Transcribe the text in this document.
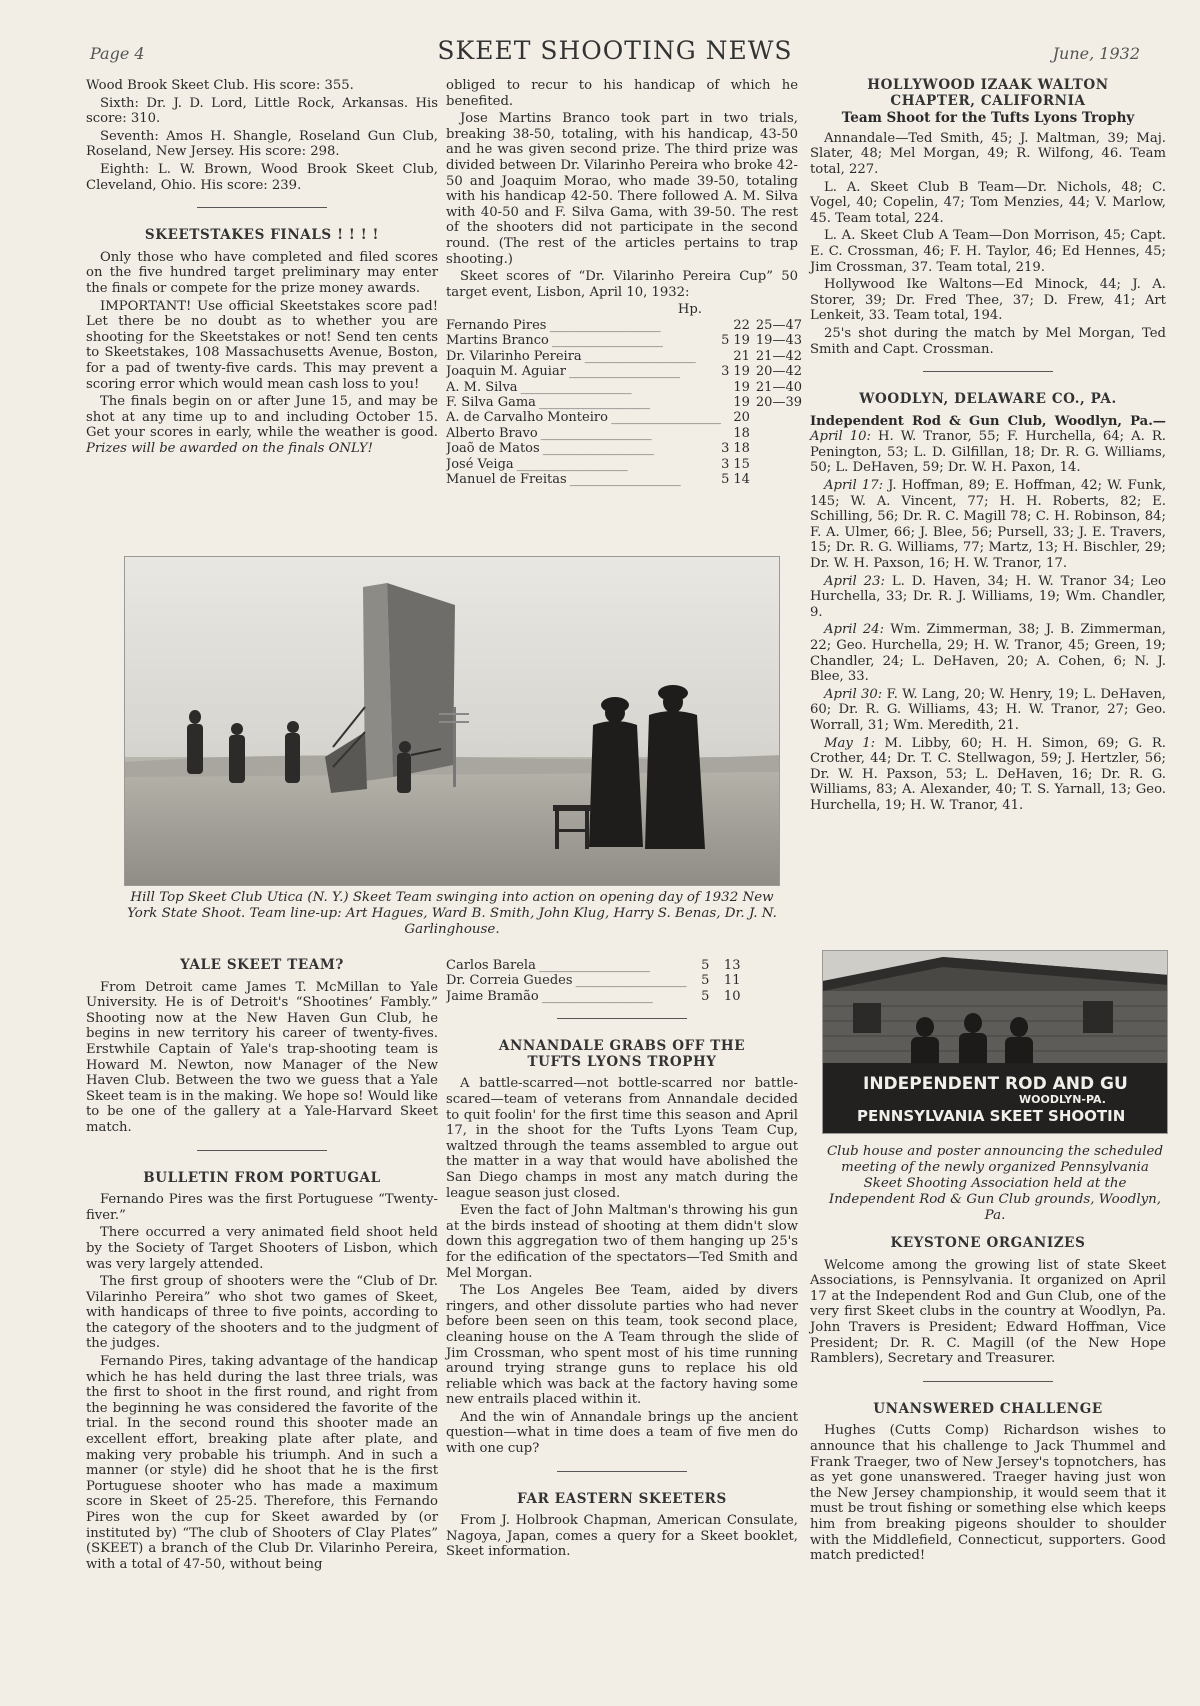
Page 4	SKEET SHOOTING NEWS	June, 1932

Wood Brook Skeet Club. His score: 355.

Sixth: Dr. J. D. Lord, Little Rock, Arkansas. His score: 310.

Seventh: Amos H. Shangle, Roseland Gun Club, Roseland, New Jersey. His score: 298.

Eighth: L. W. Brown, Wood Brook Skeet Club, Cleveland, Ohio. His score: 239.

SKEETSTAKES FINALS ! ! ! !

Only those who have completed and filed scores on the five hundred target preliminary may enter the finals or compete for the prize money awards.

IMPORTANT! Use official Skeetstakes score pad! Let there be no doubt as to whether you are shooting for the Skeetstakes or not! Send ten cents to Skeetstakes, 108 Massachusetts Avenue, Boston, for a pad of twenty-five cards. This may prevent a scoring error which would mean cash loss to you!

The finals begin on or after June 15, and may be shot at any time up to and including October 15. Get your scores in early, while the weather is good. Prizes will be awarded on the finals ONLY!

obliged to recur to his handicap of which he benefited.

Jose Martins Branco took part in two trials, breaking 38-50, totaling, with his handicap, 43-50 and he was given second prize. The third prize was divided between Dr. Vilarinho Pereira who broke 42-50 and Joaquim Morao, who made 39-50, totaling with his handicap 42-50. There followed A. M. Silva with 40-50 and F. Silva Gama, with 39-50. The rest of the shooters did not participate in the second round. (The rest of the articles pertains to trap shooting.)

Skeet scores of “Dr. Vilarinho Pereira Cup” 50 target event, Lisbon, April 10, 1932:

Hp.
Fernando Pires ____________________		22	25—47
Martins Branco ____________________	5	19	19—43
Dr. Vilarinho Pereira ____________________		21	21—42
Joaquin M. Aguiar ____________________	3	19	20—42
A. M. Silva ____________________		19	21—40
F. Silva Gama ____________________		19	20—39
A. de Carvalho Monteiro ____________________		20	
Alberto Bravo ____________________		18	
Joaõ de Matos ____________________	3	18	
José Veiga ____________________	3	15	
Manuel de Freitas ____________________	5	14	
Hill Top Skeet Club Utica (N. Y.) Skeet Team swinging into action on opening day of 1932 New York State Shoot. Team line-up: Art Hagues, Ward B. Smith, John Klug, Harry S. Benas, Dr. J. N. Garlinghouse.
YALE SKEET TEAM?

From Detroit came James T. McMillan to Yale University. He is of Detroit's “Shootines’ Fambly.” Shooting now at the New Haven Gun Club, he begins in new territory his career of twenty-fives. Erstwhile Captain of Yale's trap-shooting team is Howard M. Newton, now Manager of the New Haven Club. Between the two we guess that a Yale Skeet team is in the making. We hope so! Would like to be one of the gallery at a Yale-Harvard Skeet match.

BULLETIN FROM PORTUGAL

Fernando Pires was the first Portuguese “Twenty-fiver.”

There occurred a very animated field shoot held by the Society of Target Shooters of Lisbon, which was very largely attended.

The first group of shooters were the “Club of Dr. Vilarinho Pereira” who shot two games of Skeet, with handicaps of three to five points, according to the category of the shooters and to the judgment of the judges.

Fernando Pires, taking advantage of the handicap which he has held during the last three trials, was the first to shoot in the first round, and right from the beginning he was considered the favorite of the trial. In the second round this shooter made an excellent effort, breaking plate after plate, and making very probable his triumph. And in such a manner (or style) did he shoot that he is the first Portuguese shooter who has made a maximum score in Skeet of 25-25. Therefore, this Fernando Pires won the cup for Skeet awarded by (or instituted by) “The club of Shooters of Clay Plates” (SKEET) a branch of the Club Dr. Vilarinho Pereira, with a total of 47-50, without being

Carlos Barela ____________________	5	13	
Dr. Correia Guedes ____________________	5	11	
Jaime Bramão ____________________	5	10	
ANNANDALE GRABS OFF THE TUFTS LYONS TROPHY

A battle-scarred—not bottle-scarred nor battle-scared—team of veterans from Annandale decided to quit foolin' for the first time this season and April 17, in the shoot for the Tufts Lyons Team Cup, waltzed through the teams assembled to argue out the matter in a way that would have abolished the San Diego champs in most any match during the league season just closed.

Even the fact of John Maltman's throwing his gun at the birds instead of shooting at them didn't slow down this aggregation two of them hanging up 25's for the edification of the spectators—Ted Smith and Mel Morgan.

The Los Angeles Bee Team, aided by divers ringers, and other dissolute parties who had never before been seen on this team, took second place, cleaning house on the A Team through the slide of Jim Crossman, who spent most of his time running around trying strange guns to replace his old reliable which was back at the factory having some new entrails placed within it.

And the win of Annandale brings up the ancient question—what in time does a team of five men do with one cup?

FAR EASTERN SKEETERS

From J. Holbrook Chapman, American Consulate, Nagoya, Japan, comes a query for a Skeet booklet, Skeet information.

HOLLYWOOD IZAAK WALTON
CHAPTER, CALIFORNIA
Team Shoot for the Tufts Lyons Trophy

Annandale—Ted Smith, 45; J. Maltman, 39; Maj. Slater, 48; Mel Morgan, 49; R. Wilfong, 46. Team total, 227.

L. A. Skeet Club B Team—Dr. Nichols, 48; C. Vogel, 40; Copelin, 47; Tom Menzies, 44; V. Marlow, 45. Team total, 224.

L. A. Skeet Club A Team—Don Morrison, 45; Capt. E. C. Crossman, 46; F. H. Taylor, 46; Ed Hennes, 45; Jim Crossman, 37. Team total, 219.

Hollywood Ike Waltons—Ed Minock, 44; J. A. Storer, 39; Dr. Fred Thee, 37; D. Frew, 41; Art Lenkeit, 33. Team total, 194.

25's shot during the match by Mel Morgan, Ted Smith and Capt. Crossman.

WOODLYN, DELAWARE CO., PA.

Independent Rod & Gun Club, Woodlyn, Pa.—April 10: H. W. Tranor, 55; F. Hurchella, 64; A. R. Penington, 53; L. D. Gilfillan, 18; Dr. R. G. Williams, 50; L. DeHaven, 59; Dr. W. H. Paxon, 14.

April 17: J. Hoffman, 89; E. Hoffman, 42; W. Funk, 145; W. A. Vincent, 77; H. H. Roberts, 82; E. Schilling, 56; Dr. R. C. Magill 78; C. H. Robinson, 84; F. A. Ulmer, 66; J. Blee, 56; Pursell, 33; J. E. Travers, 15; Dr. R. G. Williams, 77; Martz, 13; H. Bischler, 29; Dr. W. H. Paxson, 16; H. W. Tranor, 17.

April 23: L. D. Haven, 34; H. W. Tranor 34; Leo Hurchella, 33; Dr. R. J. Williams, 19; Wm. Chandler, 9.

April 24: Wm. Zimmerman, 38; J. B. Zimmerman, 22; Geo. Hurchella, 29; H. W. Tranor, 45; Green, 19; Chandler, 24; L. DeHaven, 20; A. Cohen, 6; N. J. Blee, 33.

April 30: F. W. Lang, 20; W. Henry, 19; L. DeHaven, 60; Dr. R. G. Williams, 43; H. W. Tranor, 27; Geo. Worrall, 31; Wm. Meredith, 21.

May 1: M. Libby, 60; H. H. Simon, 69; G. R. Crother, 44; Dr. T. C. Stellwagon, 59; J. Hertzler, 56; Dr. W. H. Paxson, 53; L. DeHaven, 16; Dr. R. G. Williams, 83; A. Alexander, 40; T. S. Yarnall, 13; Geo. Hurchella, 19; H. W. Tranor, 41.

INDEPENDENT ROD AND GU
WOODLYN-PA.
PENNSYLVANIA SKEET SHOOTIN
Club house and poster announcing the scheduled meeting of the newly organized Pennsylvania Skeet Shooting Association held at the Independent Rod & Gun Club grounds, Woodlyn, Pa.
KEYSTONE ORGANIZES

Welcome among the growing list of state Skeet Associations, is Pennsylvania. It organized on April 17 at the Independent Rod and Gun Club, one of the very first Skeet clubs in the country at Woodlyn, Pa. John Travers is President; Edward Hoffman, Vice President; Dr. R. C. Magill (of the New Hope Ramblers), Secretary and Treasurer.

UNANSWERED CHALLENGE

Hughes (Cutts Comp) Richardson wishes to announce that his challenge to Jack Thummel and Frank Traeger, two of New Jersey's topnotchers, has as yet gone unanswered. Traeger having just won the New Jersey championship, it would seem that it must be trout fishing or something else which keeps him from breaking pigeons shoulder to shoulder with the Middlefield, Connecticut, supporters. Good match predicted!
